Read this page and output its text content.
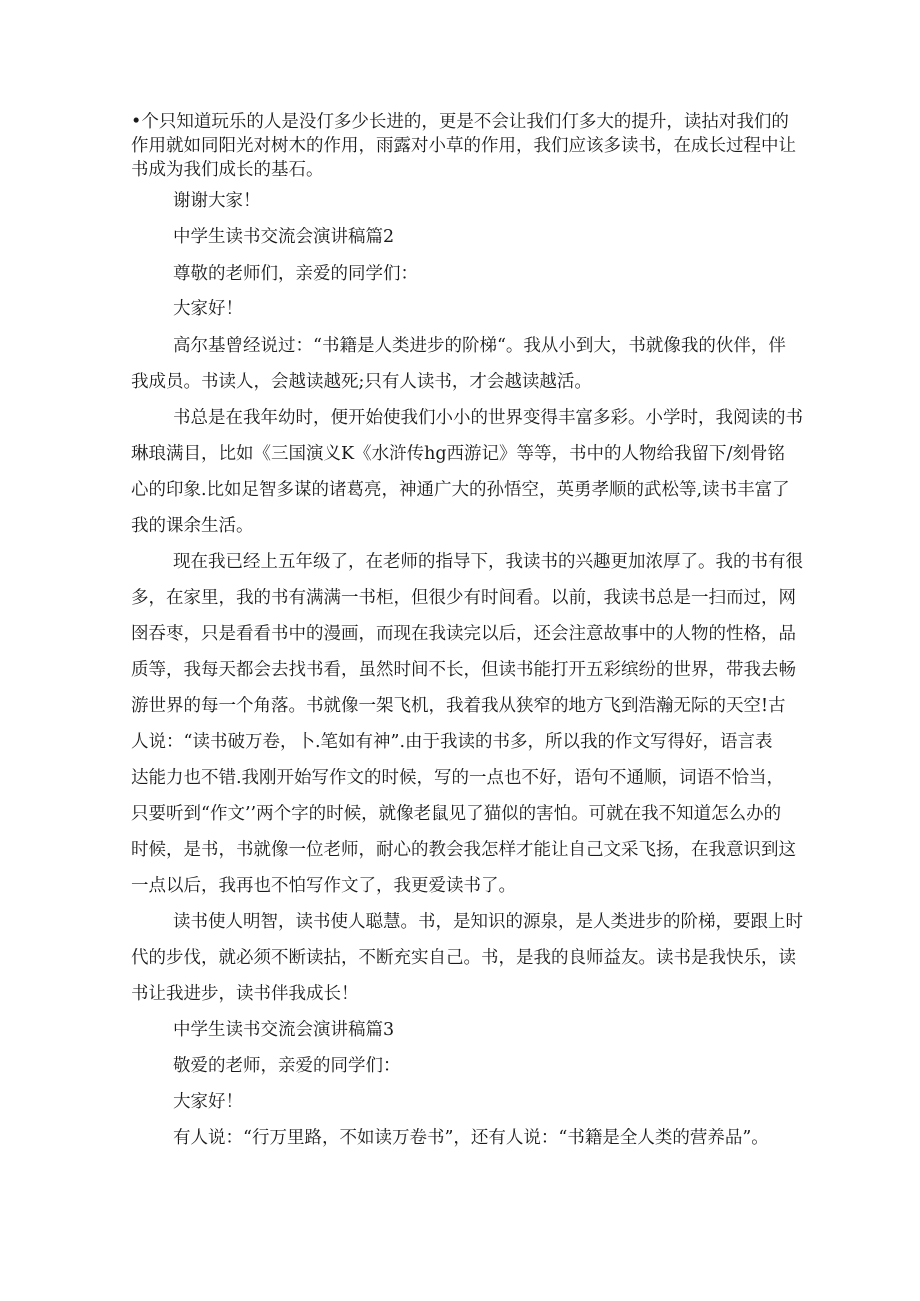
•个只知道玩乐的人是没仃多少长进的，更是不会让我们仃多大的提升，读拈对我们的
作用就如同阳光对树木的作用，雨露对小草的作用，我们应该多读书，在成长过程中让
书成为我们成长的基石。
谢谢大家！
中学生读书交流会演讲稿篇2
尊敬的老师们，亲爱的同学们：
大家好！
高尔基曾经说过：“书籍是人类进步的阶梯“。我从小到大，书就像我的伙伴，伴
我成员。书读人，会越读越死;只有人读书，才会越读越活。
书总是在我年幼时，便开始使我们小小的世界变得丰富多彩。小学时，我阅读的书
琳琅满目，比如《三国演义K《水浒传hg西游记》等等，书中的人物给我留下/刻骨铭
心的印象.比如足智多谋的诸葛亮，神通广大的孙悟空，英勇孝顺的武松等,读书丰富了
我的课余生活。
现在我已经上五年级了，在老师的指导下，我读书的兴趣更加浓厚了。我的书有很
多，在家里，我的书有满满一书柜，但很少有时间看。以前，我读书总是一扫而过，网
囹吞枣，只是看看书中的漫画，而现在我读完以后，还会注意故事中的人物的性格，品
质等，我每天都会去找书看，虽然时间不长，但读书能打开五彩缤纷的世界，带我去畅
游世界的每一个角落。书就像一架飞机，我着我从狭窄的地方飞到浩瀚无际的天空!古
人说：“读书破万卷，卜.笔如有神”.由于我读的书多，所以我的作文写得好，语言表
达能力也不错.我刚开始写作文的时候，写的一点也不好，语句不通顺，词语不恰当，
只要听到“作文’’两个字的时候，就像老鼠见了猫似的害怕。可就在我不知道怎么办的
时候，是书，书就像一位老师，耐心的教会我怎样才能让自己文采飞扬，在我意识到这
一点以后，我再也不怕写作文了，我更爱读书了。
读书使人明智，读书使人聪慧。书，是知识的源泉，是人类进步的阶梯，要跟上时
代的步伐，就必须不断读拈，不断充实自己。书，是我的良师益友。读书是我快乐，读
书让我进步，读书伴我成长！
中学生读书交流会演讲稿篇3
敬爱的老师，亲爱的同学们：
大家好！
有人说：“行万里路，不如读万卷书”，还有人说：“书籍是全人类的营养品”。
